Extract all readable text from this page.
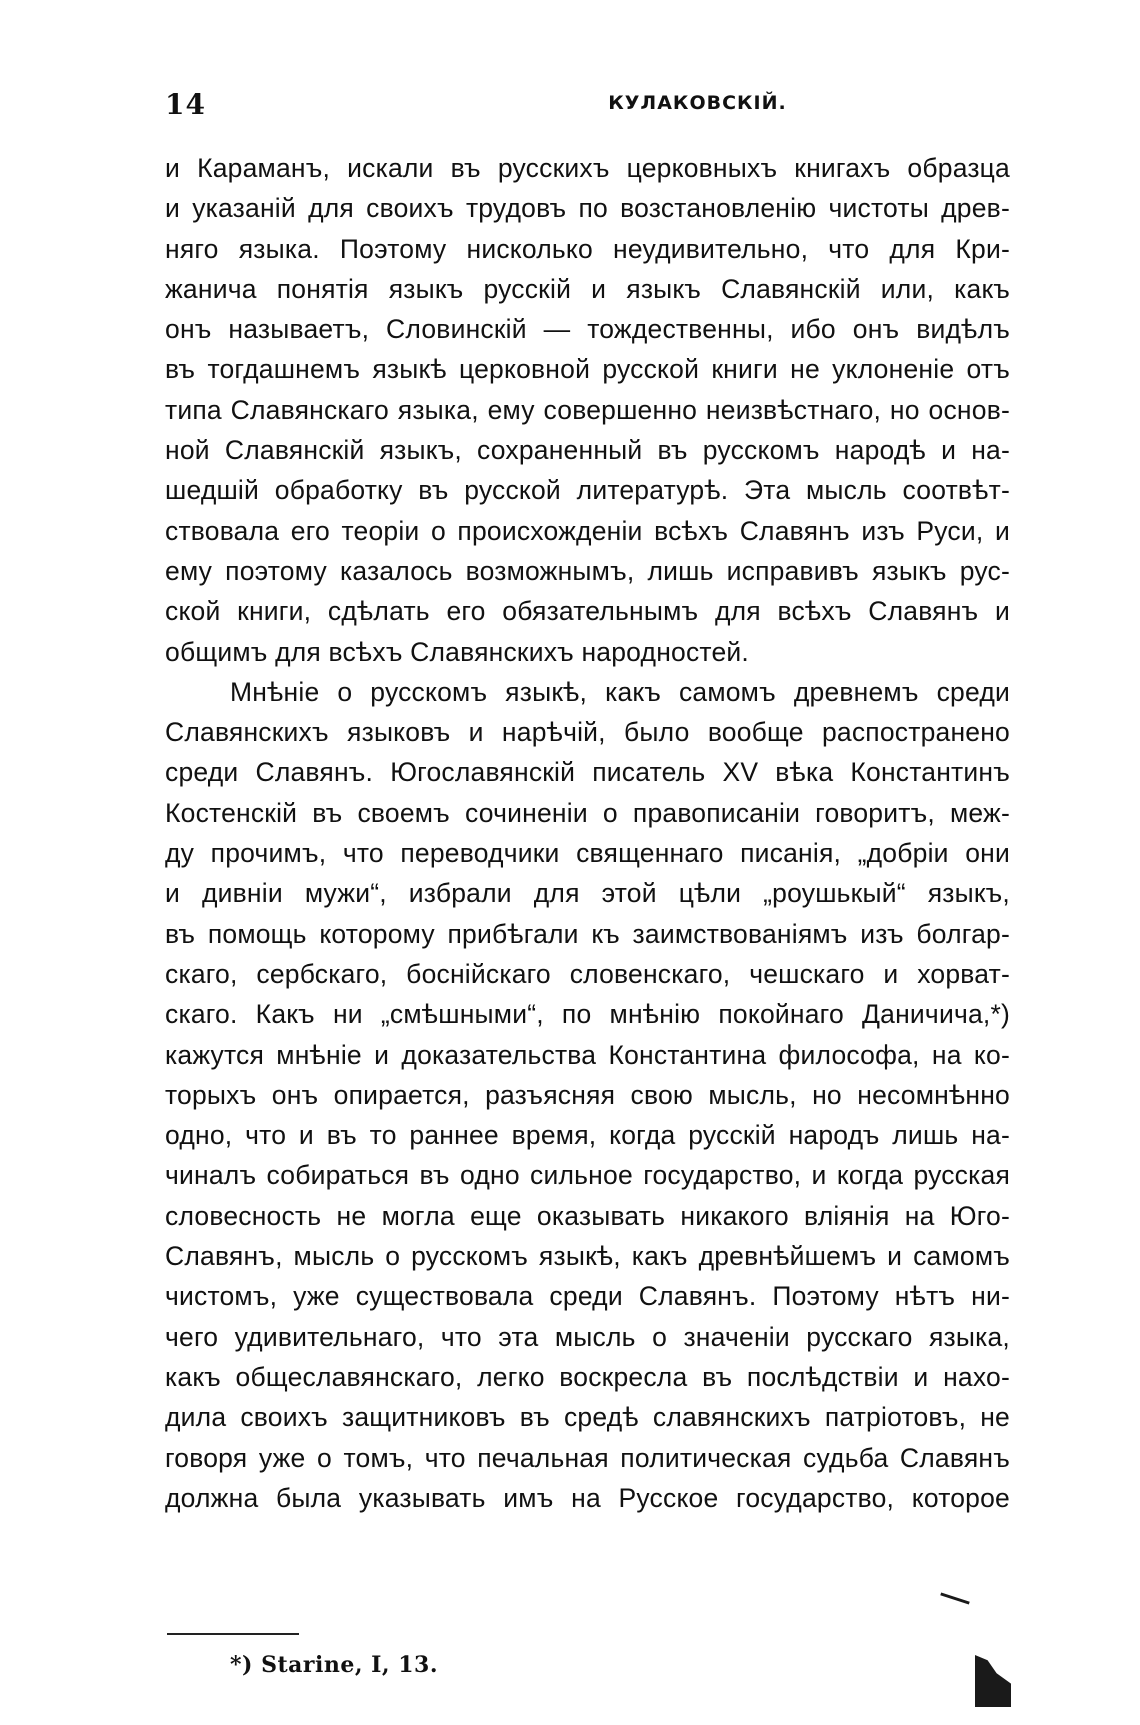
14	КУЛАКОВСКІЙ.
и Караманъ, искали въ русскихъ церковныхъ книгахъ образца
и указаній для своихъ трудовъ по возстановленію чистоты древ-
няго языка. Поэтому нисколько неудивительно, что для Кри-
жанича понятія языкъ русскій и языкъ Славянскій или, какъ
онъ называетъ, Словинскій — тождественны, ибо онъ видѣлъ
въ тогдашнемъ языкѣ церковной русской книги не уклоненіе отъ
типа Славянскаго языка, ему совершенно неизвѣстнаго, но основ-
ной Славянскій языкъ, сохраненный въ русскомъ народѣ и на-
шедшій обработку въ русской литературѣ. Эта мысль соотвѣт-
ствовала его теоріи о происхожденіи всѣхъ Славянъ изъ Руси, и
ему поэтому казалось возможнымъ, лишь исправивъ языкъ рус-
ской книги, сдѣлать его обязательнымъ для всѣхъ Славянъ и
общимъ для всѣхъ Славянскихъ народностей.
Мнѣніе о русскомъ языкѣ, какъ самомъ древнемъ среди
Славянскихъ языковъ и нарѣчій, было вообще распостранено
среди Славянъ. Югославянскій писатель XV вѣка Константинъ
Костенскій въ своемъ сочиненіи о правописаніи говоритъ, меж-
ду прочимъ, что переводчики священнаго писанія, „добріи они
и дивніи мужи“, избрали для этой цѣли „роушькый“ языкъ,
въ помощь которому прибѣгали къ заимствованіямъ изъ болгар-
скаго, сербскаго, боснійскаго словенскаго, чешскаго и хорват-
скаго. Какъ ни „смѣшными“, по мнѣнію покойнаго Даничича,*)
кажутся мнѣніе и доказательства Константина философа, на ко-
торыхъ онъ опирается, разъясняя свою мысль, но несомнѣнно
одно, что и въ то раннее время, когда русскій народъ лишь на-
чиналъ собираться въ одно сильное государство, и когда русская
словесность не могла еще оказывать никакого вліянія на Юго-
Славянъ, мысль о русскомъ языкѣ, какъ древнѣйшемъ и самомъ
чистомъ, уже существовала среди Славянъ. Поэтому нѣтъ ни-
чего удивительнаго, что эта мысль о значеніи русскаго языка,
какъ общеславянскаго, легко воскресла въ послѣдствіи и нахо-
дила своихъ защитниковъ въ средѣ славянскихъ патріотовъ, не
говоря уже о томъ, что печальная политическая судьба Славянъ
должна была указывать имъ на Русское государство, которое
*) Starine, I, 13.
